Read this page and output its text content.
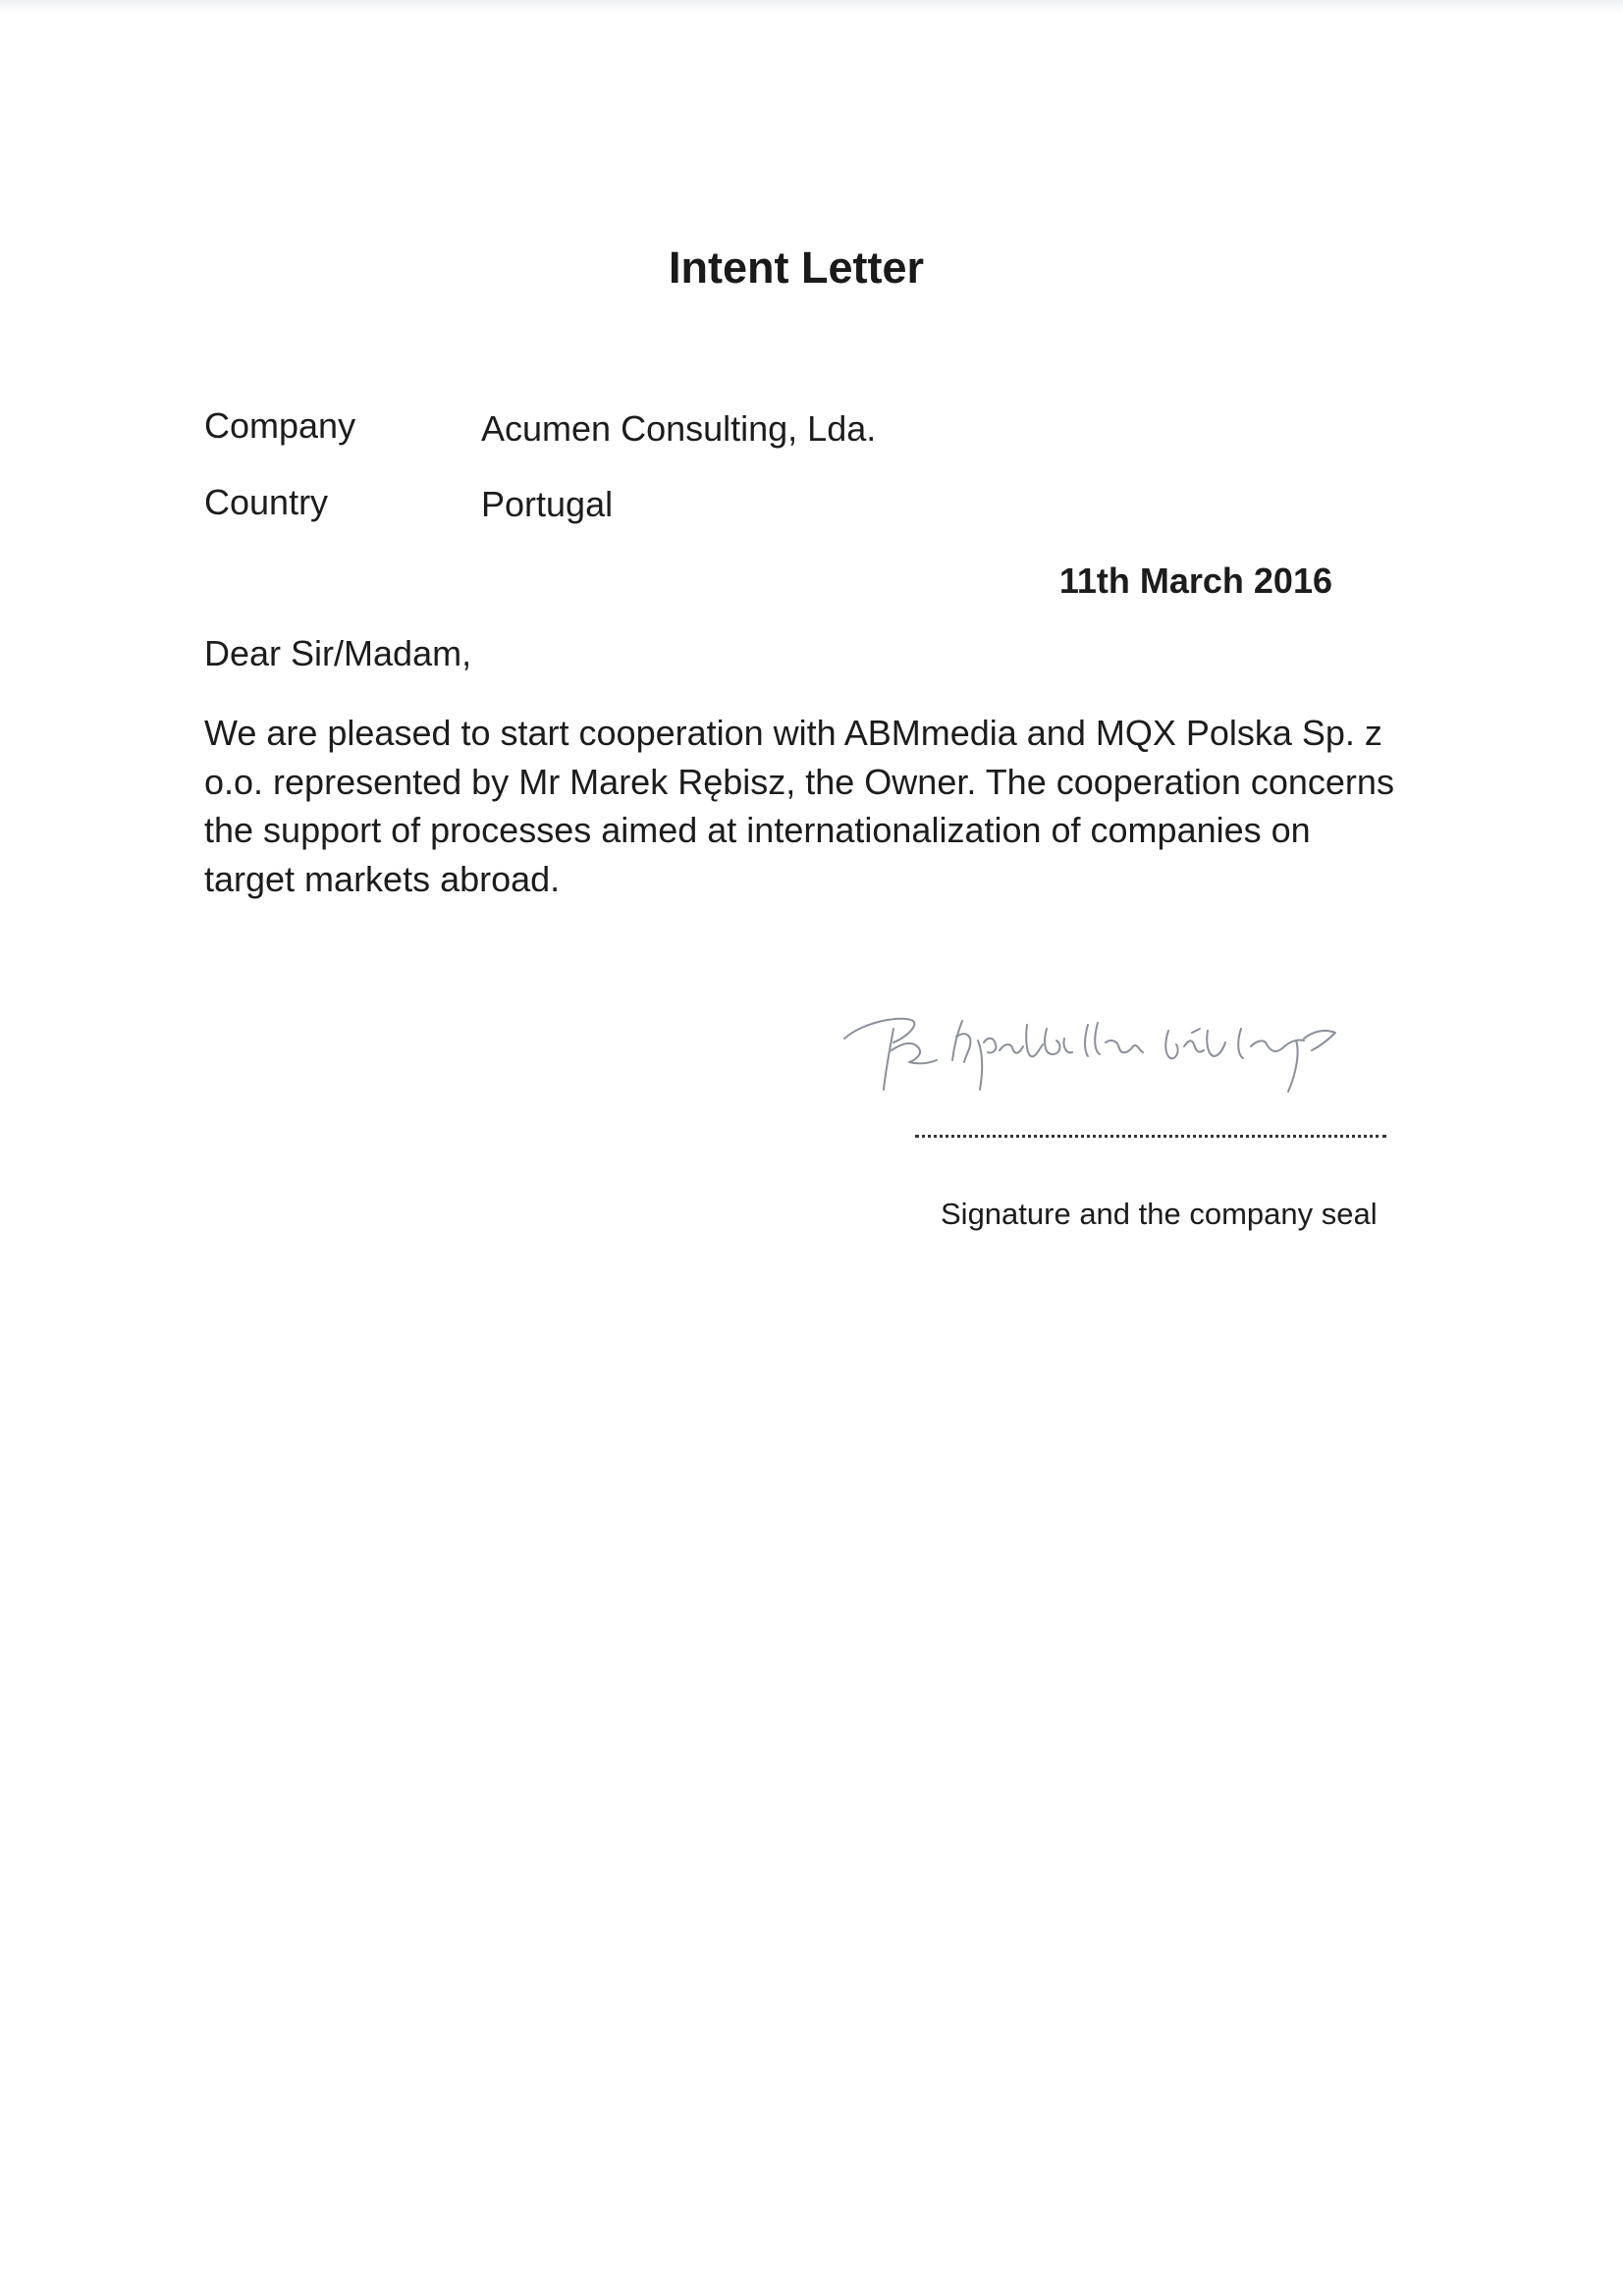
Intent Letter

Company	Acumen Consulting, Lda.

Country	Portugal

11th March 2016

Dear Sir/Madam,

We are pleased to start cooperation with ABMmedia and MQX Polska Sp. z o.o. represented by Mr Marek Rębisz, the Owner. The cooperation concerns the support of processes aimed at internationalization of companies on target markets abroad.

Signature and the company seal
